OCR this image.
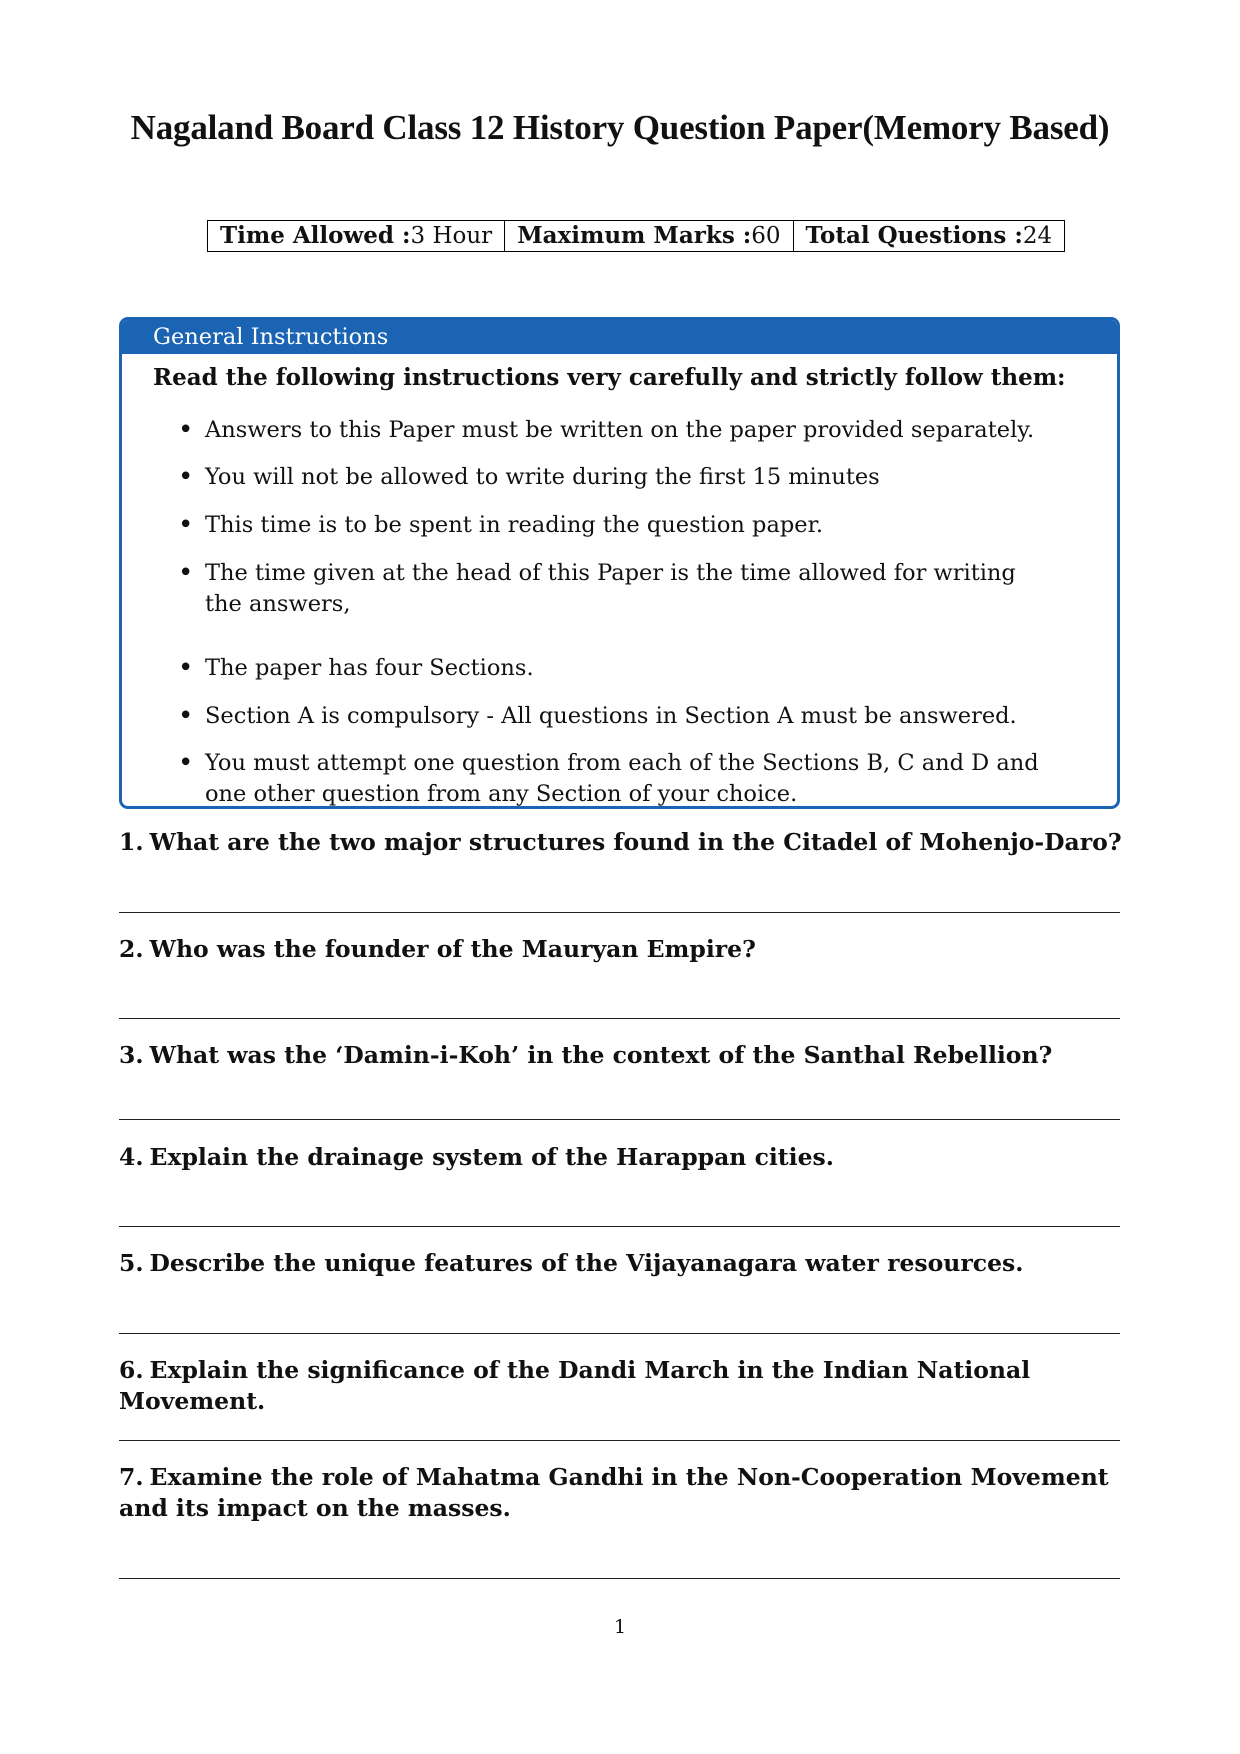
Nagaland Board Class 12 History Question Paper(Memory Based)
Time Allowed :3 Hour	Maximum Marks :60	Total Questions :24
General Instructions
Read the following instructions very carefully and strictly follow them:
• Answers to this Paper must be written on the paper provided separately.
• You will not be allowed to write during the first 15 minutes
• This time is to be spent in reading the question paper.
• The time given at the head of this Paper is the time allowed for writing the answers,
• The paper has four Sections.
• Section A is compulsory - All questions in Section A must be answered.
• You must attempt one question from each of the Sections B, C and D and one other question from any Section of your choice.
1. What are the two major structures found in the Citadel of Mohenjo-Daro?
2. Who was the founder of the Mauryan Empire?
3. What was the ‘Damin-i-Koh’ in the context of the Santhal Rebellion?
4. Explain the drainage system of the Harappan cities.
5. Describe the unique features of the Vijayanagara water resources.
6. Explain the significance of the Dandi March in the Indian National Movement.
7. Examine the role of Mahatma Gandhi in the Non-Cooperation Movement and its impact on the masses.
1
